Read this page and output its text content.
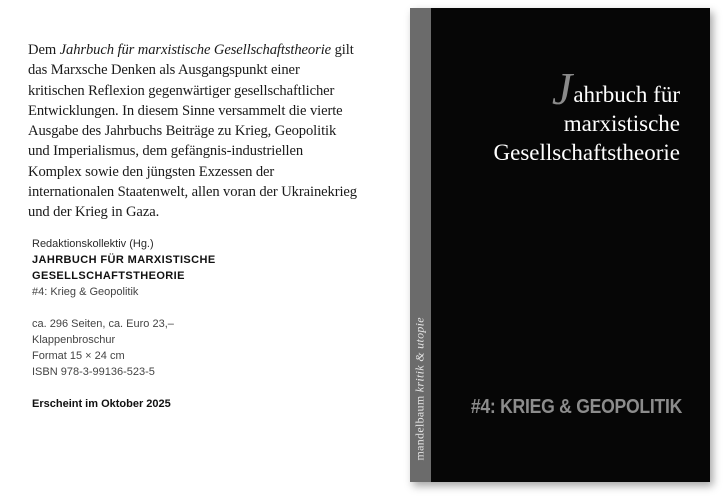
Dem Jahrbuch für marxistische Gesellschaftstheorie gilt das Marxsche Denken als Ausgangspunkt einer kritischen Reflexion gegenwärtiger gesellschaftlicher Entwicklungen. In diesem Sinne versammelt die vierte Ausgabe des Jahrbuchs Beiträge zu Krieg, Geopolitik und Imperialismus, dem gefängnis-industriellen Komplex sowie den jüngsten Exzessen der internationalen Staatenwelt, allen voran der Ukrainekrieg und der Krieg in Gaza.
Redaktionskollektiv (Hg.)
JAHRBUCH FÜR MARXISTISCHE
GESELLSCHAFTSTHEORIE
#4: Krieg & Geopolitik
ca. 296 Seiten, ca. Euro 23,–
Klappenbroschur
Format 15 × 24 cm
ISBN 978-3-99136-523-5
Erscheint im Oktober 2025	mandelbaum kritik & utopie
Jahrbuch für
marxistische
Gesellschaftstheorie
#4: KRIEG & GEOPOLITIK
